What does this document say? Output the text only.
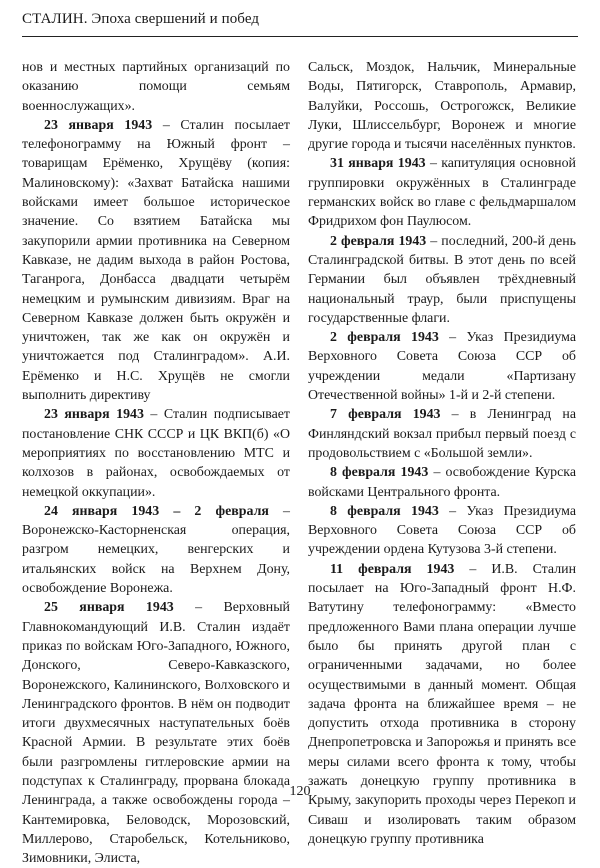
СТАЛИН. Эпоха свершений и побед

нов и местных партийных организаций по оказанию помощи семьям военнослужащих».

23 января 1943 – Сталин посылает телефонограмму на Южный фронт – товарищам Ерёменко, Хрущёву (копия: Малиновскому): «Захват Батайска нашими войсками имеет большое историческое значение. Со взятием Батайска мы закупорили армии противника на Северном Кавказе, не дадим выхода в район Ростова, Таганрога, Донбасса двадцати четырём немецким и румынским дивизиям. Враг на Северном Кавказе должен быть окружён и уничтожен, так же как он окружён и уничтожается под Сталинградом». А.И. Ерёменко и Н.С. Хрущёв не смогли выполнить директиву

23 января 1943 – Сталин подписывает постановление СНК СССР и ЦК ВКП(б) «О мероприятиях по восстановлению МТС и колхозов в районах, освобождаемых от немецкой оккупации».

24 января 1943 – 2 февраля – Воронежско-Касторненская операция, разгром немецких, венгерских и итальянских войск на Верхнем Дону, освобождение Воронежа.

25 января 1943 – Верховный Главнокомандующий И.В. Сталин издаёт приказ по войскам Юго-Западного, Южного, Донского, Северо-Кавказского, Воронежского, Калининского, Волховского и Ленинградского фронтов. В нём он подводит итоги двухмесячных наступательных боёв Красной Армии. В результате этих боёв были разгромлены гитлеровские армии на подступах к Сталинграду, прорвана блокада Ленинграда, а также освобождены города – Кантемировка, Беловодск, Морозовский, Миллерово, Старобельск, Котельниково, Зимовники, Элиста,

Сальск, Моздок, Нальчик, Минеральные Воды, Пятигорск, Ставрополь, Армавир, Валуйки, Россошь, Острогожск, Великие Луки, Шлиссельбург, Воронеж и многие другие города и тысячи населённых пунктов.

31 января 1943 – капитуляция основной группировки окружённых в Сталинграде германских войск во главе с фельдмаршалом Фридрихом фон Паулюсом.

2 февраля 1943 – последний, 200-й день Сталинградской битвы. В этот день по всей Германии был объявлен трёхдневный национальный траур, были приспущены государственные флаги.

2 февраля 1943 – Указ Президиума Верховного Совета Союза ССР об учреждении медали «Партизану Отечественной войны» 1-й и 2-й степени.

7 февраля 1943 – в Ленинград на Финляндский вокзал прибыл первый поезд с продовольствием с «Большой земли».

8 февраля 1943 – освобождение Курска войсками Центрального фронта.

8 февраля 1943 – Указ Президиума Верховного Совета Союза ССР об учреждении ордена Кутузова 3-й степени.

11 февраля 1943 – И.В. Сталин посылает на Юго-Западный фронт Н.Ф. Ватутину телефонограмму: «Вместо предложенного Вами плана операции лучше было бы принять другой план с ограниченными задачами, но более осуществимыми в данный момент. Общая задача фронта на ближайшее время – не допустить отхода противника в сторону Днепропетровска и Запорожья и принять все меры силами всего фронта к тому, чтобы зажать донецкую группу противника в Крыму, закупорить проходы через Перекоп и Сиваш и изолировать таким образом донецкую группу противника

120
